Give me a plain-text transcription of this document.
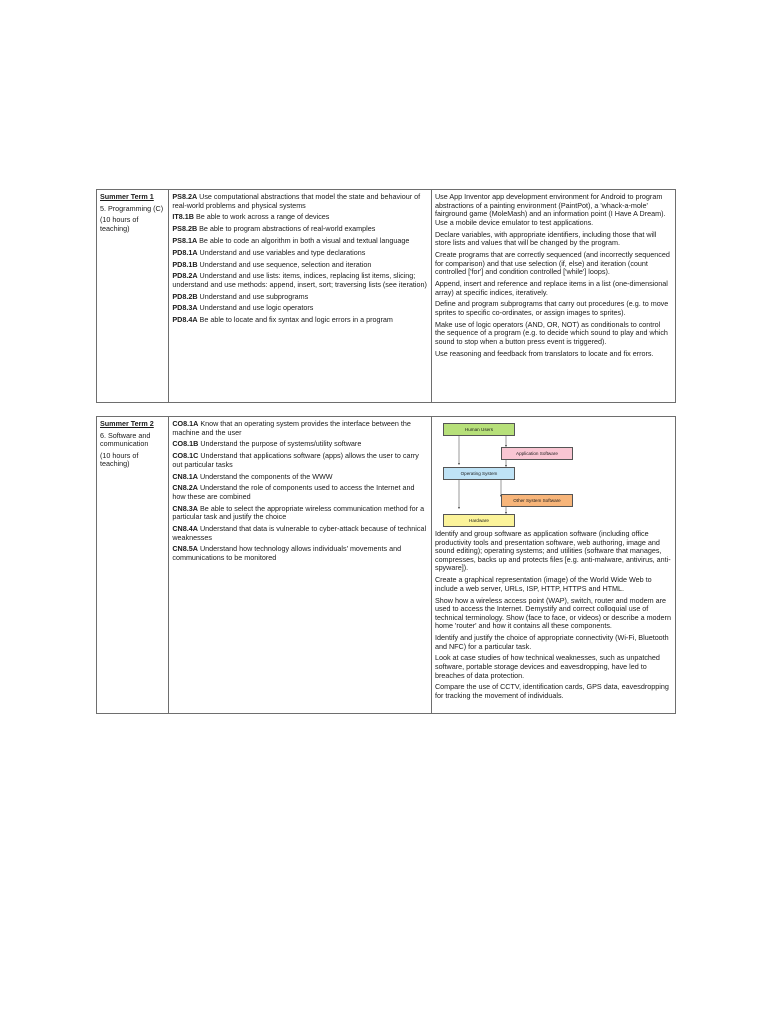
Summer Term 1
5. Programming (C)
(10 hours of teaching)

PS8.2A Use computational abstractions that model the state and behaviour of real-world problems and physical systems
IT8.1B Be able to work across a range of devices
PS8.2B Be able to program abstractions of real-world examples
PS8.1A Be able to code an algorithm in both a visual and textual language
PD8.1A Understand and use variables and type declarations
PD8.1B Understand and use sequence, selection and iteration
PD8.2A Understand and use lists: items, indices, replacing list items, slicing; understand and use methods: append, insert, sort; traversing lists (see iteration)
PD8.2B Understand and use subprograms
PD8.3A Understand and use logic operators
PD8.4A Be able to locate and fix syntax and logic errors in a program

Use App Inventor app development environment for Android to program abstractions of a painting environment (PaintPot), a 'whack-a-mole' fairground game (MoleMash) and an information point (I Have A Dream). Use a mobile device emulator to test applications.
Declare variables, with appropriate identifiers, including those that will store lists and values that will be changed by the program.
Create programs that are correctly sequenced (and incorrectly sequenced for comparison) and that use selection (if, else) and iteration (count controlled ['for'] and condition controlled ['while'] loops).
Append, insert and reference and replace items in a list (one-dimensional array) at specific indices, iteratively.
Define and program subprograms that carry out procedures (e.g. to move sprites to specific co-ordinates, or assign images to sprites).
Make use of logic operators (AND, OR, NOT) as conditionals to control the sequence of a program (e.g. to decide which sound to play and which sound to stop when a button press event is triggered).
Use reasoning and feedback from translators to locate and fix errors.
Summer Term 2
6. Software and communication
(10 hours of teaching)

CO8.1A Know that an operating system provides the interface between the machine and the user
CO8.1B Understand the purpose of systems/utility software
CO8.1C Understand that applications software (apps) allows the user to carry out particular tasks
CN8.1A Understand the components of the WWW
CN8.2A Understand the role of components used to access the Internet and how these are combined
CN8.3A Be able to select the appropriate wireless communication method for a particular task and justify the choice
CN8.4A Understand that data is vulnerable to cyber-attack because of technical weaknesses
CN8.5A Understand how technology allows individuals' movements and communications to be monitored

Human Users
Application Software
Operating System
Other System Software
Hardware
Identify and group software as application software (including office productivity tools and presentation software, web authoring, image and sound editing); operating systems; and utilities (software that manages, compresses, backs up and protects files [e.g. anti-malware, antivirus, anti-spyware]).
Create a graphical representation (image) of the World Wide Web to include a web server, URLs, ISP, HTTP, HTTPS and HTML.
Show how a wireless access point (WAP), switch, router and modem are used to access the Internet. Demystify and correct colloquial use of technical terminology. Show (face to face, or videos) or describe a modern home 'router' and how it contains all these components.
Identify and justify the choice of appropriate connectivity (Wi-Fi, Bluetooth and NFC) for a particular task.
Look at case studies of how technical weaknesses, such as unpatched software, portable storage devices and eavesdropping, have led to breaches of data protection.
Compare the use of CCTV, identification cards, GPS data, eavesdropping for tracking the movement of individuals.
